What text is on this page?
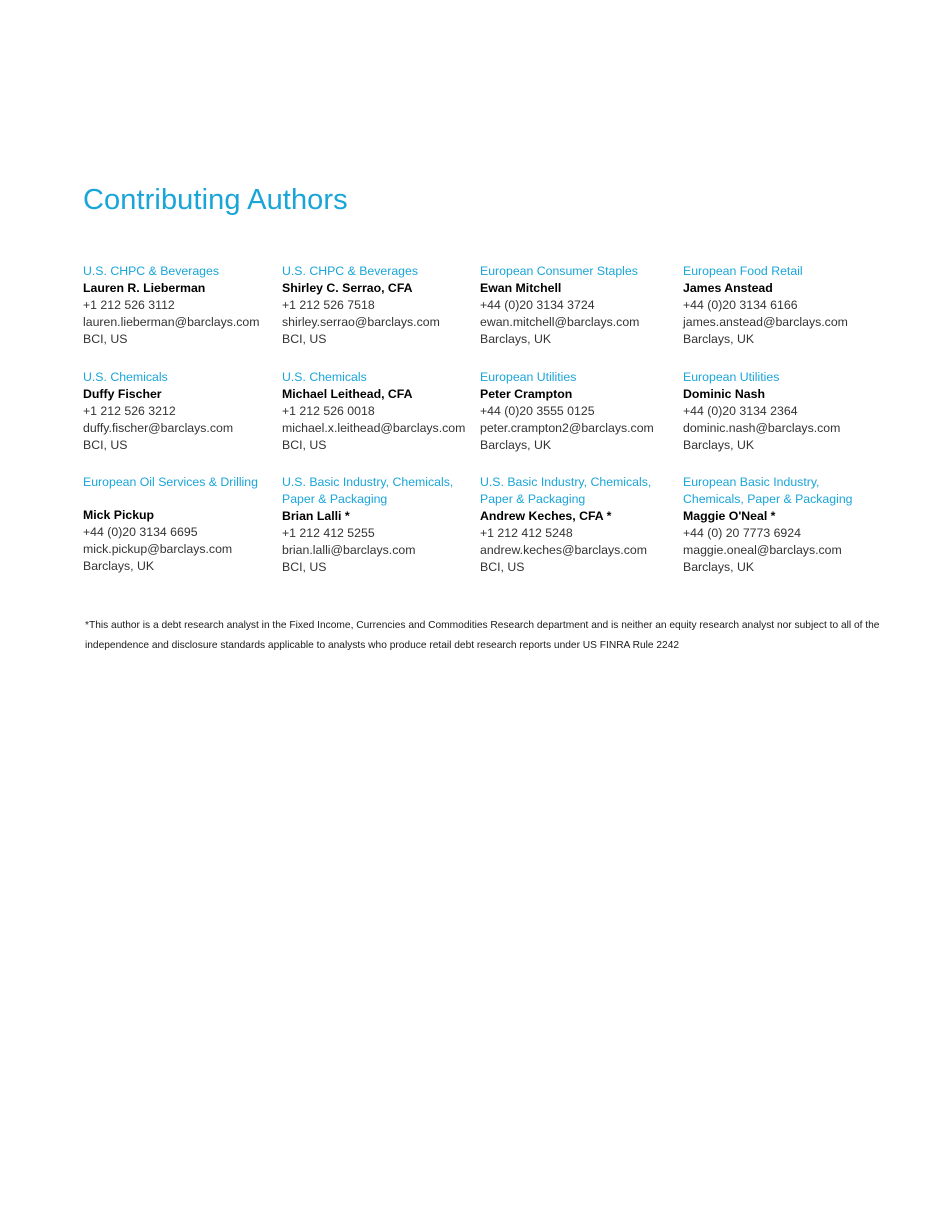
Contributing Authors
U.S. CHPC & Beverages
Lauren R. Lieberman
+1 212 526 3112
lauren.lieberman@barclays.com
BCI, US
U.S. CHPC & Beverages
Shirley C. Serrao, CFA
+1 212 526 7518
shirley.serrao@barclays.com
BCI, US
European Consumer Staples
Ewan Mitchell
+44 (0)20 3134 3724
ewan.mitchell@barclays.com
Barclays, UK
European Food Retail
James Anstead
+44 (0)20 3134 6166
james.anstead@barclays.com
Barclays, UK
U.S. Chemicals
Duffy Fischer
+1 212 526 3212
duffy.fischer@barclays.com
BCI, US
U.S. Chemicals
Michael Leithead, CFA
+1 212 526 0018
michael.x.leithead@barclays.com
BCI, US
European Utilities
Peter Crampton
+44 (0)20 3555 0125
peter.crampton2@barclays.com
Barclays, UK
European Utilities
Dominic Nash
+44 (0)20 3134 2364
dominic.nash@barclays.com
Barclays, UK
European Oil Services & Drilling
Mick Pickup
+44 (0)20 3134 6695
mick.pickup@barclays.com
Barclays, UK
U.S. Basic Industry, Chemicals,
Paper & Packaging
Brian Lalli *
+1 212 412 5255
brian.lalli@barclays.com
BCI, US
U.S. Basic Industry, Chemicals,
Paper & Packaging
Andrew Keches, CFA *
+1 212 412 5248
andrew.keches@barclays.com
BCI, US
European Basic Industry,
Chemicals, Paper & Packaging
Maggie O'Neal *
+44 (0) 20 7773 6924
maggie.oneal@barclays.com
Barclays, UK

*This author is a debt research analyst in the Fixed Income, Currencies and Commodities Research department and is neither an equity research analyst nor subject to all of the independence and disclosure standards applicable to analysts who produce retail debt research reports under US FINRA Rule 2242
